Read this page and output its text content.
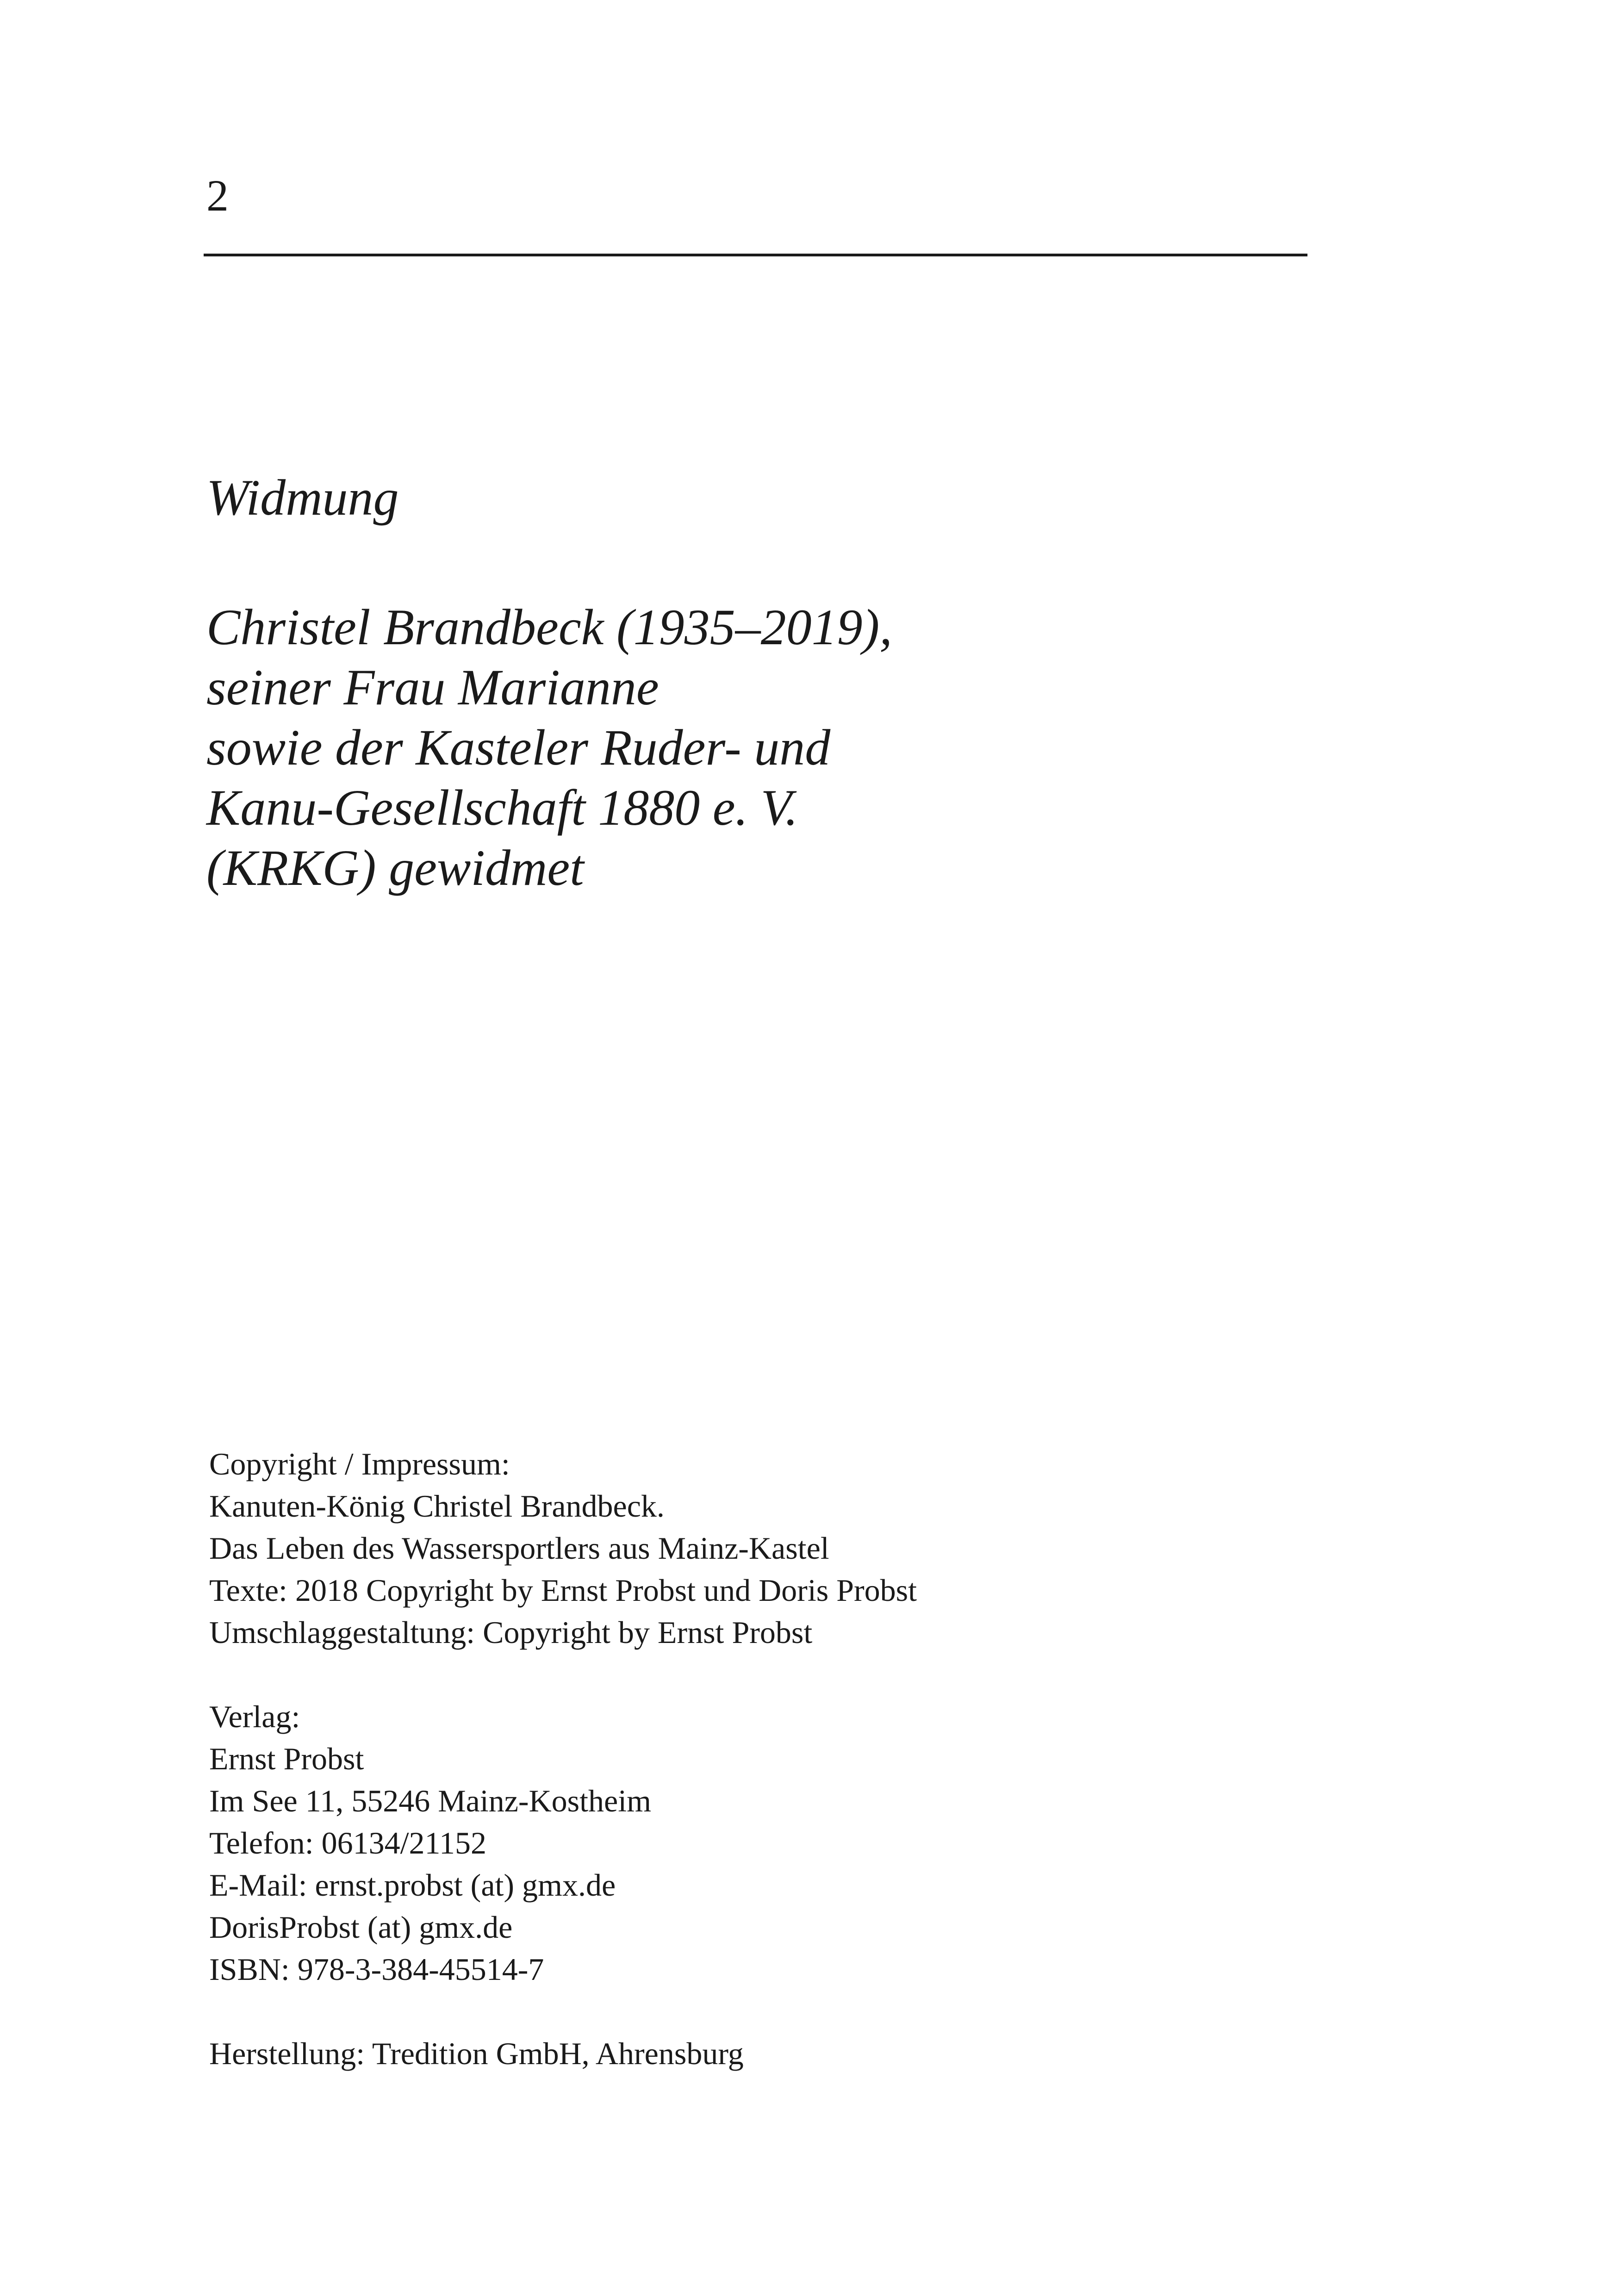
2
Widmung
Christel Brandbeck (1935–2019),
seiner Frau Marianne
sowie der Kasteler Ruder- und
Kanu-Gesellschaft 1880 e. V.
(KRKG) gewidmet
Copyright / Impressum:
Kanuten-König Christel Brandbeck.
Das Leben des Wassersportlers aus Mainz-Kastel
Texte: 2018 Copyright by Ernst Probst und Doris Probst
Umschlaggestaltung: Copyright by Ernst Probst
Verlag:
Ernst Probst
Im See 11, 55246 Mainz-Kostheim
Telefon: 06134/21152
E-Mail: ernst.probst (at) gmx.de
DorisProbst (at) gmx.de
ISBN: 978-3-384-45514-7
Herstellung: Tredition GmbH, Ahrensburg
